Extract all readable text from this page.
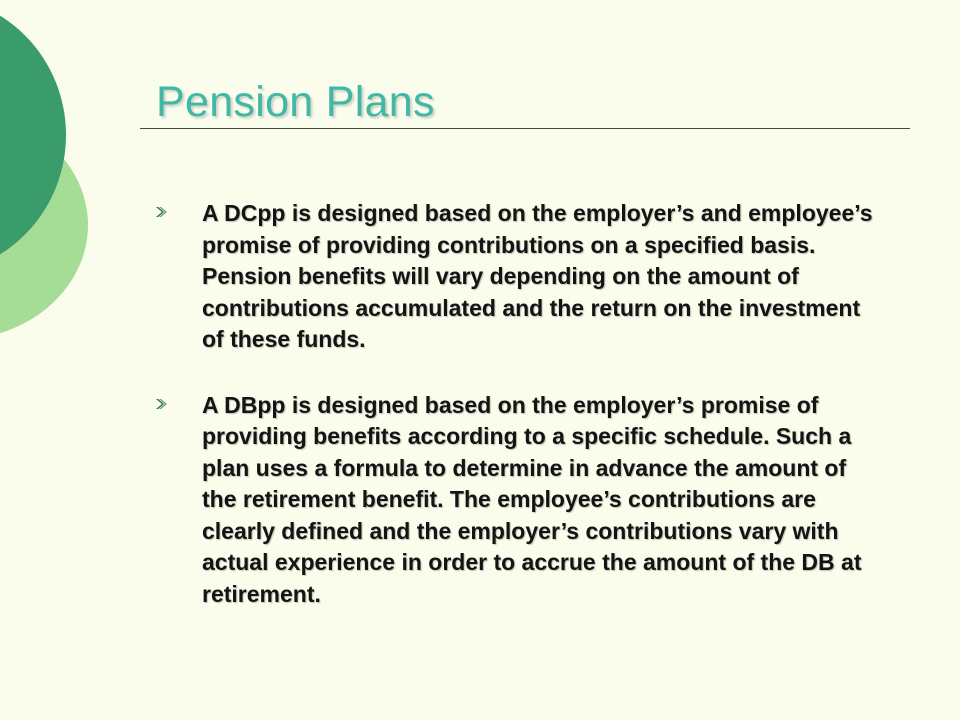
Pension Plans
A DCpp is designed based on the employer’s and employee’s promise of providing contributions on a specified basis. Pension benefits will vary depending on the amount of contributions accumulated and the return on the investment of these funds.
A DBpp is designed based on the employer’s promise of providing benefits according to a specific schedule. Such a plan uses a formula to determine in advance the amount of the retirement benefit. The employee’s contributions are clearly defined and the employer’s contributions vary with actual experience in order to accrue the amount of the DB at retirement.
